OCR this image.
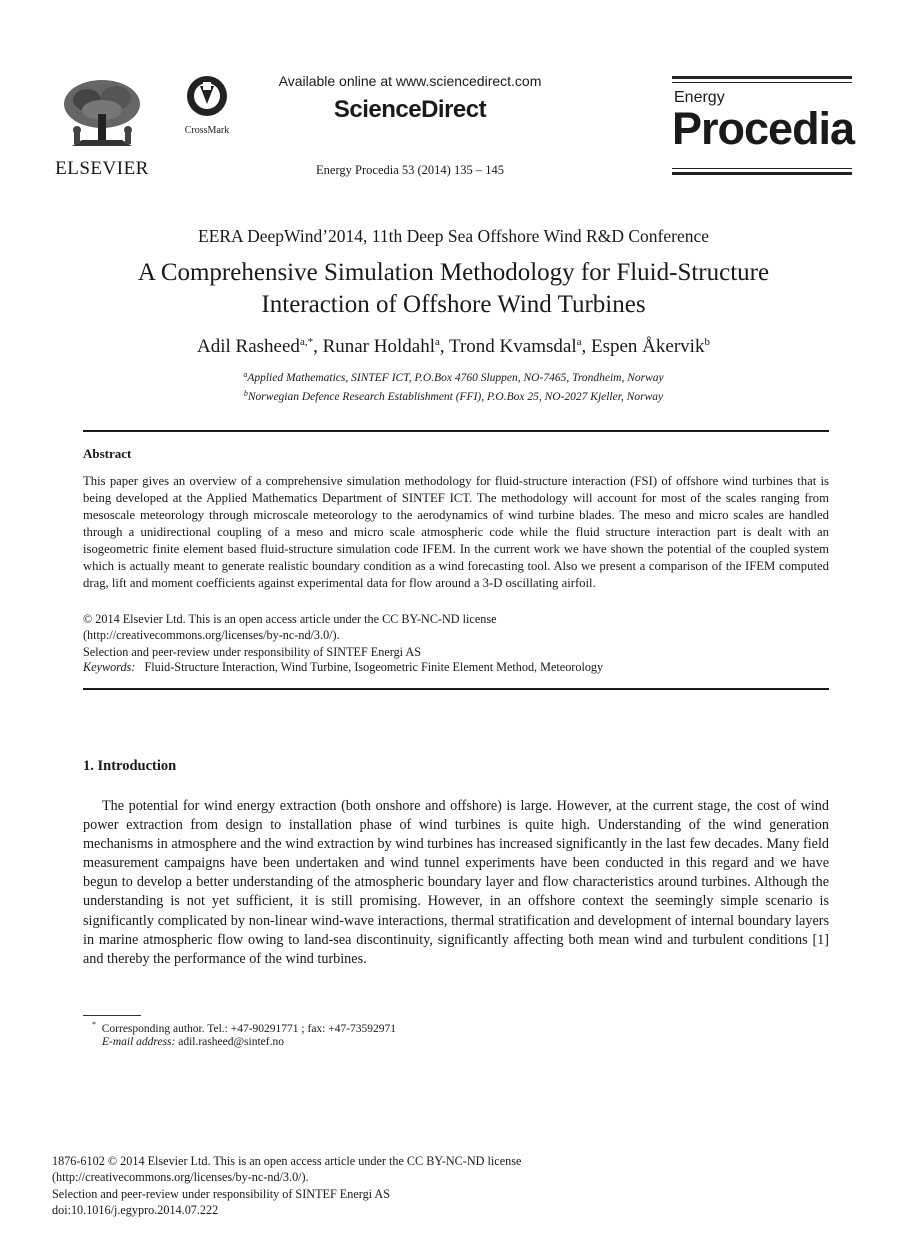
ELSEVIER
CrossMark
Available online at www.sciencedirect.com
ScienceDirect
Energy Procedia 53 (2014) 135 – 145
Energy
Procedia
EERA DeepWind’2014, 11th Deep Sea Offshore Wind R&D Conference
A Comprehensive Simulation Methodology for Fluid-Structure
Interaction of Offshore Wind Turbines
Adil Rasheed$^{a,*}$, Runar Holdahl$^a$, Trond Kvamsdal$^a$, Espen Åkervik$^b$
$^a$Applied Mathematics, SINTEF ICT, P.O.Box 4760 Sluppen, NO-7465, Trondheim, Norway
$^b$Norwegian Defence Research Establishment (FFI), P.O.Box 25, NO-2027 Kjeller, Norway
Abstract
This paper gives an overview of a comprehensive simulation methodology for fluid-structure interaction (FSI) of offshore wind turbines that is being developed at the Applied Mathematics Department of SINTEF ICT. The methodology will account for most of the scales ranging from mesoscale meteorology through microscale meteorology to the aerodynamics of wind turbine blades. The meso and micro scales are handled through a unidirectional coupling of a meso and micro scale atmospheric code while the fluid structure interaction part is dealt with an isogeometric finite element based fluid-structure simulation code IFEM. In the current work we have shown the potential of the coupled system which is actually meant to generate realistic boundary condition as a wind forecasting tool. Also we present a comparison of the IFEM computed drag, lift and moment coefficients against experimental data for flow around a 3-D oscillating airfoil.
© 2014 Elsevier Ltd. This is an open access article under the CC BY-NC-ND license
(http://creativecommons.org/licenses/by-nc-nd/3.0/).
Selection and peer-review under responsibility of SINTEF Energi AS
Keywords: Fluid-Structure Interaction, Wind Turbine, Isogeometric Finite Element Method, Meteorology
1. Introduction
The potential for wind energy extraction (both onshore and offshore) is large. However, at the current stage, the cost of wind power extraction from design to installation phase of wind turbines is quite high. Understanding of the wind generation mechanisms in atmosphere and the wind extraction by wind turbines has increased significantly in the last few decades. Many field measurement campaigns have been undertaken and wind tunnel experiments have been conducted in this regard and we have begun to develop a better understanding of the atmospheric boundary layer and flow characteristics around turbines. Although the understanding is not yet sufficient, it is still promising. However, in an offshore context the seemingly simple scenario is significantly complicated by non-linear wind-wave interactions, thermal stratification and development of internal boundary layers in marine atmospheric flow owing to land-sea discontinuity, significantly affecting both mean wind and turbulent conditions [1] and thereby the performance of the wind turbines.
* Corresponding author. Tel.: +47-90291771 ; fax: +47-73592971
E-mail address: adil.rasheed@sintef.no
1876-6102 © 2014 Elsevier Ltd. This is an open access article under the CC BY-NC-ND license
(http://creativecommons.org/licenses/by-nc-nd/3.0/).
Selection and peer-review under responsibility of SINTEF Energi AS
doi:10.1016/j.egypro.2014.07.222
